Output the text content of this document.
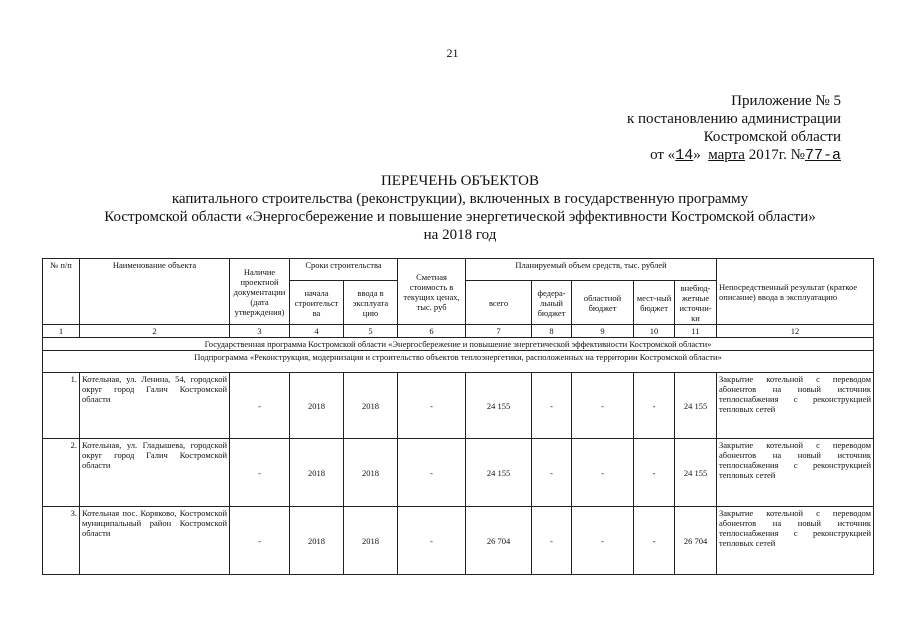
21
Приложение № 5
к постановлению администрации
Костромской области
от «14» марта 2017г. №77-а
ПЕРЕЧЕНЬ ОБЪЕКТОВ
капитального строительства (реконструкции), включенных в государственную программу
Костромской области «Энергосбережение и повышение энергетической эффективности Костромской области»
на 2018 год
№ п/п	Наименование объекта	Наличие проектной документации (дата утверждения)	Сроки строительства		Сметная стоимость в текущих ценах, тыс. руб	Планируемый объем средств, тыс. рублей					Непосредственный результат (краткое описание) ввода в эксплуатацию
			начала строительст ва	ввода в эксплуата цию		всего	федера-льный бюджет	областной бюджет	мест-ный бюджет	внебюд-жетные источни-ки	
1	2	3	4	5	6	7	8	9	10	11	12
Государственная программа Костромской области «Энергосбережение и повышение энергетической эффективности Костромской области»											
Подпрограмма «Реконструкция, модернизация и строительство объектов теплоэнергетики, расположенных на территории Костромской области»											
1.	Котельная, ул. Ленина, 54, городской округ город Галич Костромской области	-	2018	2018	-	24 155	-	-	-	24 155	Закрытие котельной с переводом абонентов на новый источник теплоснабжения с реконструкцией тепловых сетей
2.	Котельная, ул. Гладышева, городской округ город Галич Костромской области	-	2018	2018	-	24 155	-	-	-	24 155	Закрытие котельной с переводом абонентов на новый источник теплоснабжения с реконструкцией тепловых сетей
3.	Котельная пос. Коряково, Костромской муниципальный район Костромской области	-	2018	2018	-	26 704	-	-	-	26 704	Закрытие котельной с переводом абонентов на новый источник теплоснабжения с реконструкцией тепловых сетей
